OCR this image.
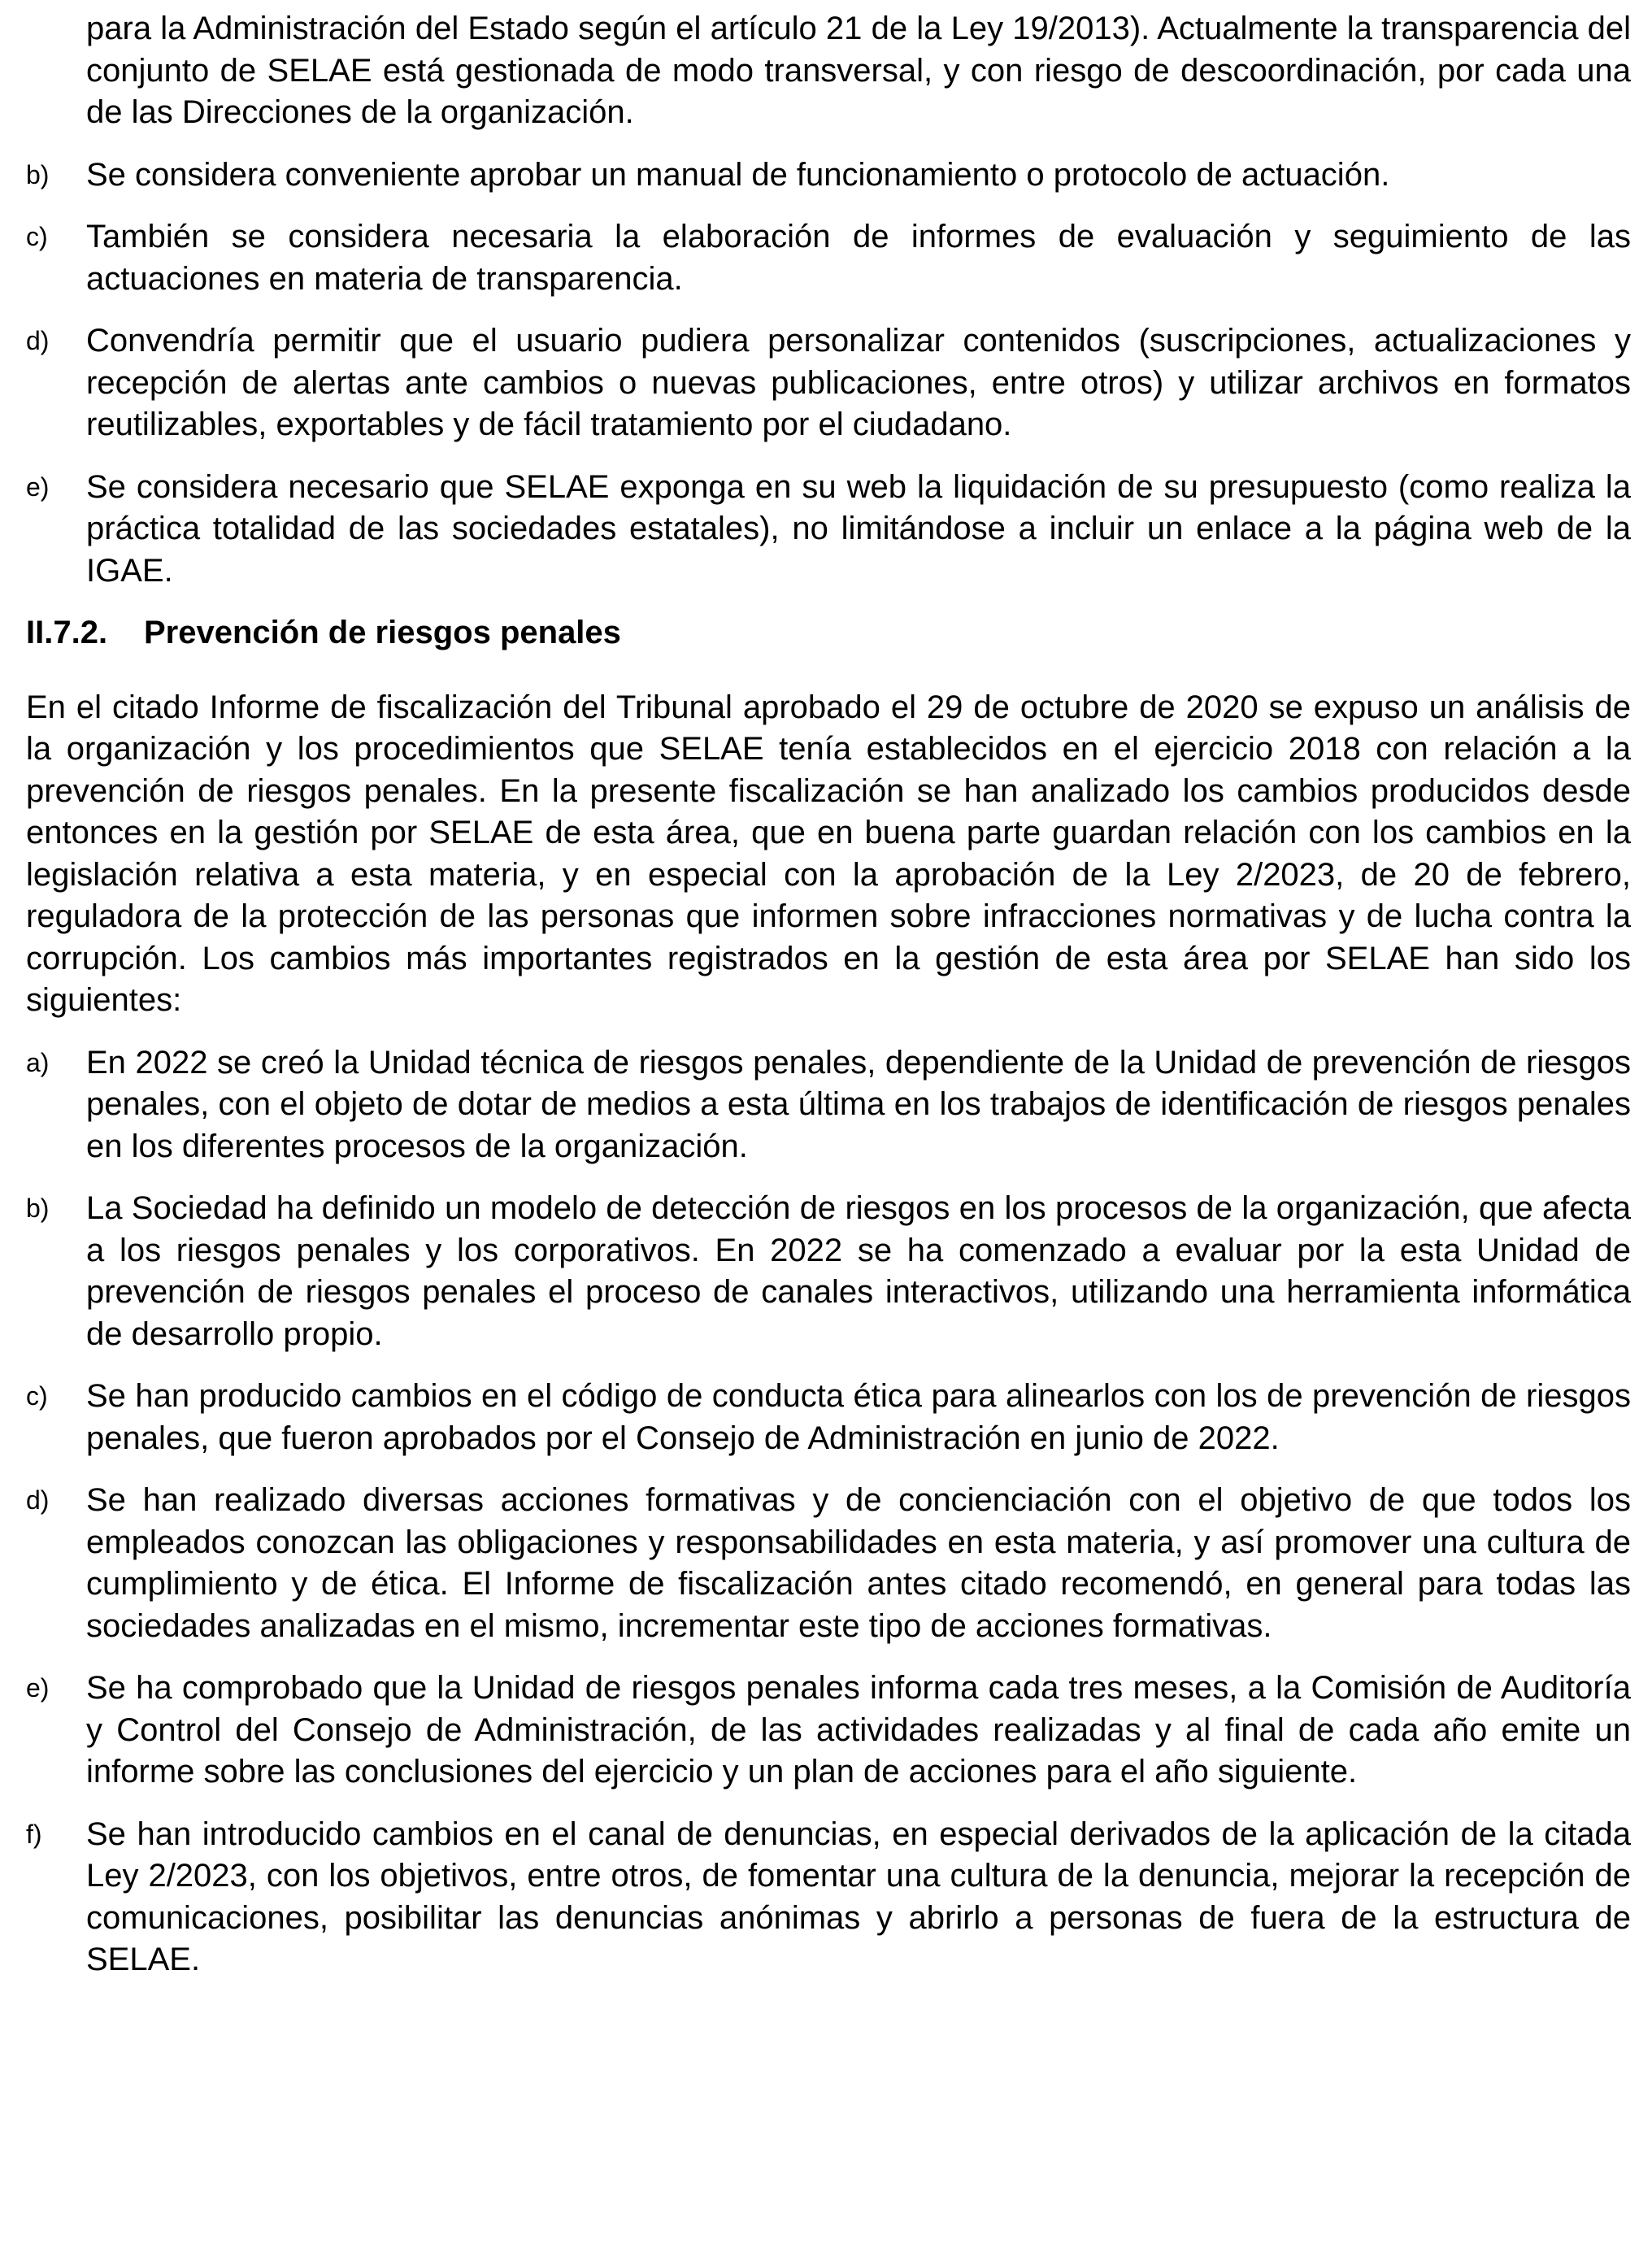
para la Administración del Estado según el artículo 21 de la Ley 19/2013). Actualmente la transparencia del conjunto de SELAE está gestionada de modo transversal, y con riesgo de descoordinación, por cada una de las Direcciones de la organización.
b)	Se considera conveniente aprobar un manual de funcionamiento o protocolo de actuación.
c)	También se considera necesaria la elaboración de informes de evaluación y seguimiento de las actuaciones en materia de transparencia.
d)	Convendría permitir que el usuario pudiera personalizar contenidos (suscripciones, actualizaciones y recepción de alertas ante cambios o nuevas publicaciones, entre otros) y utilizar archivos en formatos reutilizables, exportables y de fácil tratamiento por el ciudadano.
e)	Se considera necesario que SELAE exponga en su web la liquidación de su presupuesto (como realiza la práctica totalidad de las sociedades estatales), no limitándose a incluir un enlace a la página web de la IGAE.
II.7.2.	Prevención de riesgos penales
En el citado Informe de fiscalización del Tribunal aprobado el 29 de octubre de 2020 se expuso un análisis de la organización y los procedimientos que SELAE tenía establecidos en el ejercicio 2018 con relación a la prevención de riesgos penales. En la presente fiscalización se han analizado los cambios producidos desde entonces en la gestión por SELAE de esta área, que en buena parte guardan relación con los cambios en la legislación relativa a esta materia, y en especial con la aprobación de la Ley 2/2023, de 20 de febrero, reguladora de la protección de las personas que informen sobre infracciones normativas y de lucha contra la corrupción. Los cambios más importantes registrados en la gestión de esta área por SELAE han sido los siguientes:
a)	En 2022 se creó la Unidad técnica de riesgos penales, dependiente de la Unidad de prevención de riesgos penales, con el objeto de dotar de medios a esta última en los trabajos de identificación de riesgos penales en los diferentes procesos de la organización.
b)	La Sociedad ha definido un modelo de detección de riesgos en los procesos de la organización, que afecta a los riesgos penales y los corporativos. En 2022 se ha comenzado a evaluar por la esta Unidad de prevención de riesgos penales el proceso de canales interactivos, utilizando una herramienta informática de desarrollo propio.
c)	Se han producido cambios en el código de conducta ética para alinearlos con los de prevención de riesgos penales, que fueron aprobados por el Consejo de Administración en junio de 2022.
d)	Se han realizado diversas acciones formativas y de concienciación con el objetivo de que todos los empleados conozcan las obligaciones y responsabilidades en esta materia, y así promover una cultura de cumplimiento y de ética. El Informe de fiscalización antes citado recomendó, en general para todas las sociedades analizadas en el mismo, incrementar este tipo de acciones formativas.
e)	Se ha comprobado que la Unidad de riesgos penales informa cada tres meses, a la Comisión de Auditoría y Control del Consejo de Administración, de las actividades realizadas y al final de cada año emite un informe sobre las conclusiones del ejercicio y un plan de acciones para el año siguiente.
f)	Se han introducido cambios en el canal de denuncias, en especial derivados de la aplicación de la citada Ley 2/2023, con los objetivos, entre otros, de fomentar una cultura de la denuncia, mejorar la recepción de comunicaciones, posibilitar las denuncias anónimas y abrirlo a personas de fuera de la estructura de SELAE.
